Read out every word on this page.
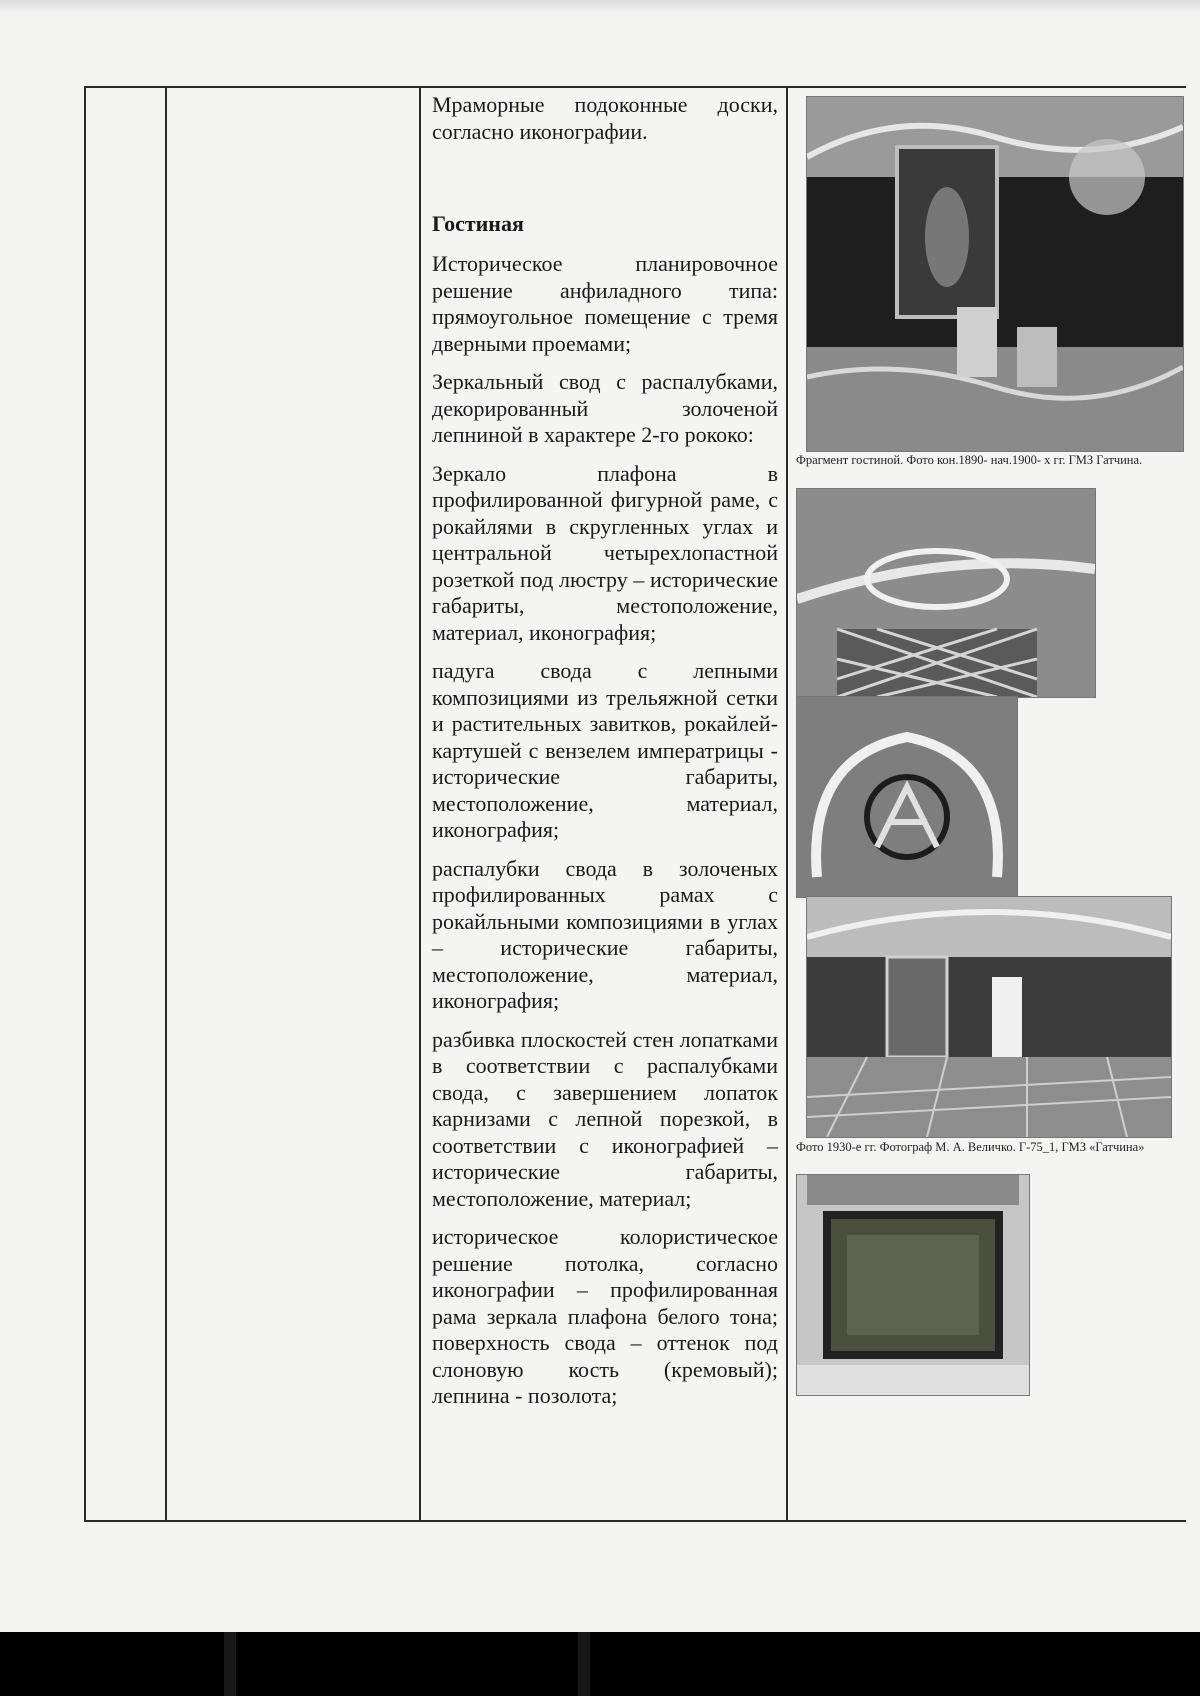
Мраморные подоконные доски, согласно иконографии.

Гостиная

Историческое планировочное решение анфиладного типа: прямоугольное помещение с тремя дверными проемами;

Зеркальный свод с распалубками, декорированный золоченой лепниной в характере 2-го рококо:

Зеркало плафона в профилированной фигурной раме, с рокайлями в скругленных углах и центральной четырехлопастной розеткой под люстру – исторические габариты, местоположение, материал, иконография;

падуга свода с лепными композициями из трельяжной сетки и растительных завитков, рокайлей-картушей с вензелем императрицы - исторические габариты, местоположение, материал, иконография;

распалубки свода в золоченых профилированных рамах с рокайльными композициями в углах – исторические габариты, местоположение, материал, иконография;

разбивка плоскостей стен лопатками в соответствии с распалубками свода, с завершением лопаток карнизами с лепной порезкой, в соответствии с иконографией – исторические габариты, местоположение, материал;

историческое колористическое решение потолка, согласно иконографии – профилированная рама зеркала плафона белого тона; поверхность свода – оттенок под слоновую кость (кремовый); лепнина - позолота;

Фрагмент гостиной. Фото кон.1890- нач.1900- х гг. ГМЗ Гатчина.
Фото 1930-е гг. Фотограф М. А. Величко. Г-75_1, ГМЗ «Гатчина»
